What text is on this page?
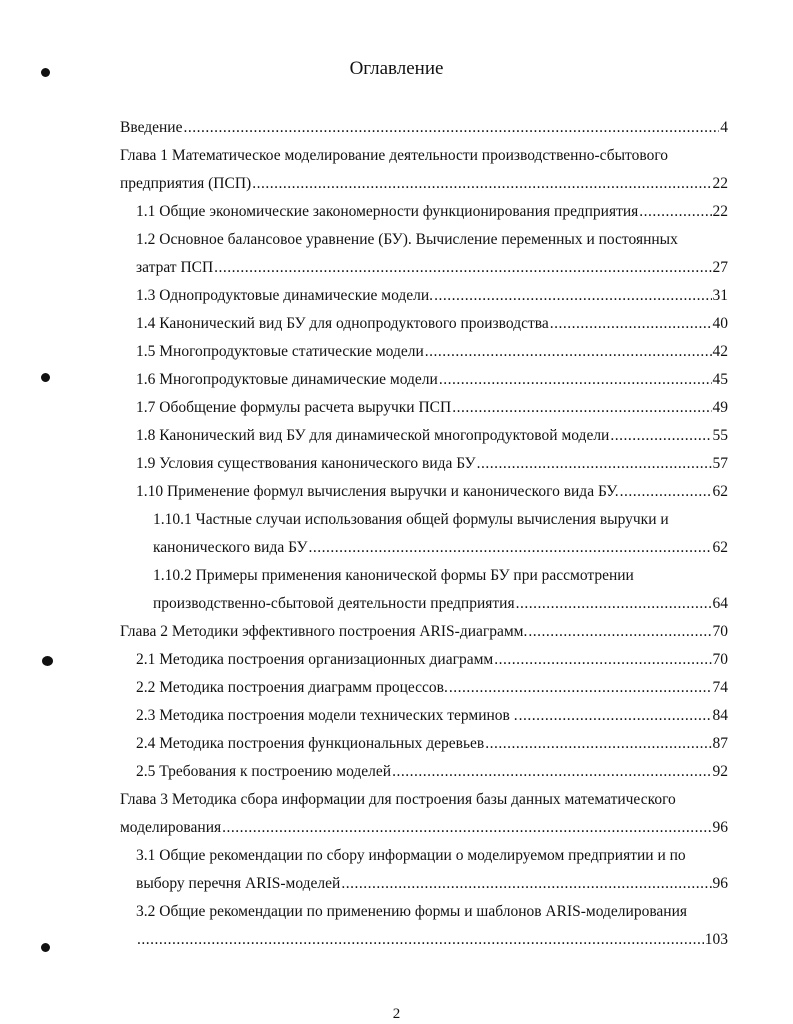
Оглавление
Введение .....	4
Глава 1 Математическое моделирование деятельности производственно-сбытового
предприятия (ПСП) .....	22
1.1 Общие экономические закономерности функционирования предприятия .....	22
1.2 Основное балансовое уравнение (БУ). Вычисление переменных и постоянных
затрат ПСП .....	27
1.3 Однопродуктовые динамические модели. .....	31
1.4 Канонический вид БУ для однопродуктового производства .....	40
1.5 Многопродуктовые статические модели .....	42
1.6 Многопродуктовые динамические модели .....	45
1.7 Обобщение формулы расчета выручки ПСП .....	49
1.8 Канонический вид БУ для динамической многопродуктовой модели .....	55
1.9 Условия существования канонического вида БУ .....	57
1.10 Применение формул вычисления выручки и канонического вида БУ. .....	62
1.10.1 Частные случаи использования общей формулы вычисления выручки и
канонического вида БУ .....	62
1.10.2 Примеры применения канонической формы БУ при рассмотрении
производственно-сбытовой деятельности предприятия .....	64
Глава 2 Методики эффективного построения ARIS-диаграмм. .....	70
2.1 Методика построения организационных диаграмм .....	70
2.2 Методика построения диаграмм процессов. .....	74
2.3 Методика построения модели технических терминов . .....	84
2.4 Методика построения функциональных деревьев .....	87
2.5 Требования к построению моделей .....	92
Глава 3 Методика сбора информации для построения базы данных математического
моделирования .....	96
3.1 Общие рекомендации по сбору информации о моделируемом предприятии и по
выбору перечня ARIS-моделей .....	96
3.2 Общие рекомендации по применению формы и шаблонов ARIS-моделирования
.....
103
2
